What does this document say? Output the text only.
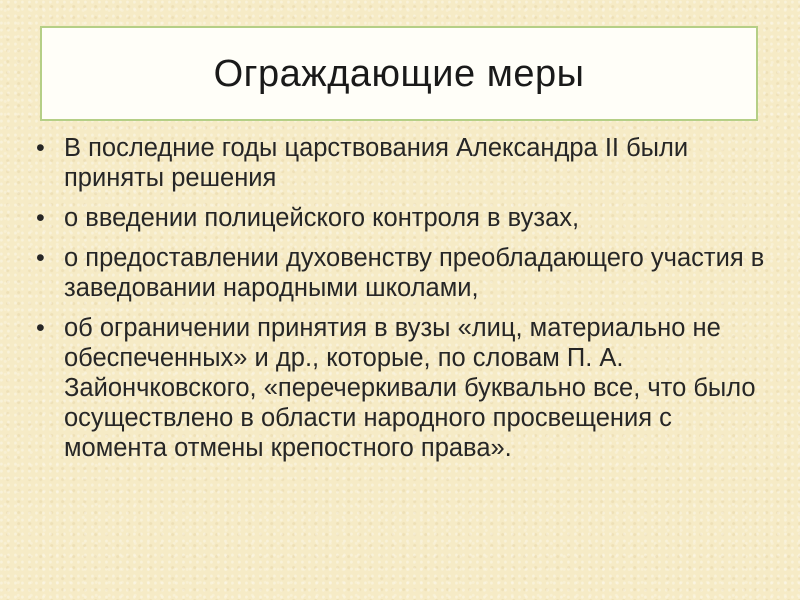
Ограждающие меры
• В последние годы царствования Александра II были приняты решения
• о введении полицейского контроля в вузах,
• о предоставлении духовенству преобладающего участия в заведовании народными школами,
• об ограничении принятия в вузы «лиц, материально не обеспеченных» и др., которые, по словам П. А. Зайончковского, «перечеркивали буквально все, что было осуществлено в области народного просвещения с момента отмены крепостного права».
